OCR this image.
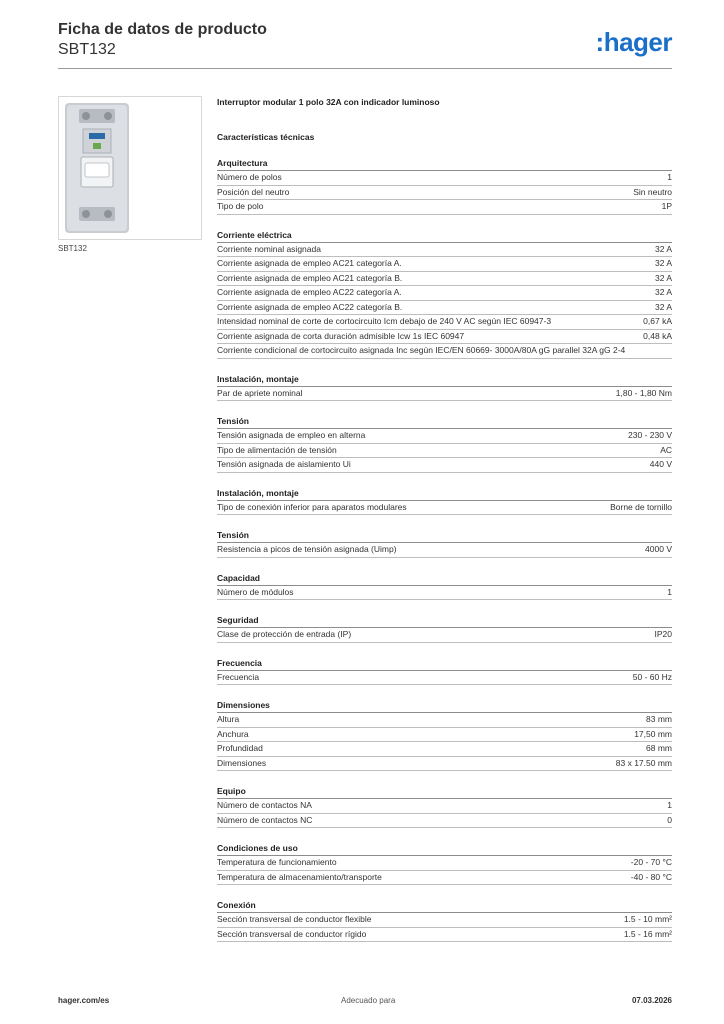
Ficha de datos de producto
SBT132	:hager
SBT132
Interruptor modular 1 polo 32A con indicador luminoso
Características técnicas
Arquitectura
Número de polos	1
Posición del neutro	Sin neutro
Tipo de polo	1P
Corriente eléctrica
Corriente nominal asignada	32 A
Corriente asignada de empleo AC21 categoría A.	32 A
Corriente asignada de empleo AC21 categoría B.	32 A
Corriente asignada de empleo AC22 categoría A.	32 A
Corriente asignada de empleo AC22 categoría B.	32 A
Intensidad nominal de corte de cortocircuito Icm debajo de 240 V AC según IEC 60947-3	0,67 kA
Corriente asignada de corta duración admisible Icw 1s IEC 60947	0,48 kA
Corriente condicional de cortocircuito asignada Inc según IEC/EN 60669- 3000A/80A gG parallel 32A gG 2-4
Instalación, montaje
Par de apriete nominal	1,80 - 1,80 Nm
Tensión
Tensión asignada de empleo en alterna	230 - 230 V
Tipo de alimentación de tensión	AC
Tensión asignada de aislamiento Ui	440 V
Instalación, montaje
Tipo de conexión inferior para aparatos modulares	Borne de tornillo
Tensión
Resistencia a picos de tensión asignada (Uimp)	4000 V
Capacidad
Número de módulos	1
Seguridad
Clase de protección de entrada (IP)	IP20
Frecuencia
Frecuencia	50 - 60 Hz
Dimensiones
Altura	83 mm
Anchura	17,50 mm
Profundidad	68 mm
Dimensiones	83 x 17.50 mm
Equipo
Número de contactos NA	1
Número de contactos NC	0
Condiciones de uso
Temperatura de funcionamiento	-20 - 70 °C
Temperatura de almacenamiento/transporte	-40 - 80 °C
Conexión
Sección transversal de conductor flexible	1.5 - 10 mm²
Sección transversal de conductor rígido	1.5 - 16 mm²
hager.com/es	Adecuado para	07.03.2026
